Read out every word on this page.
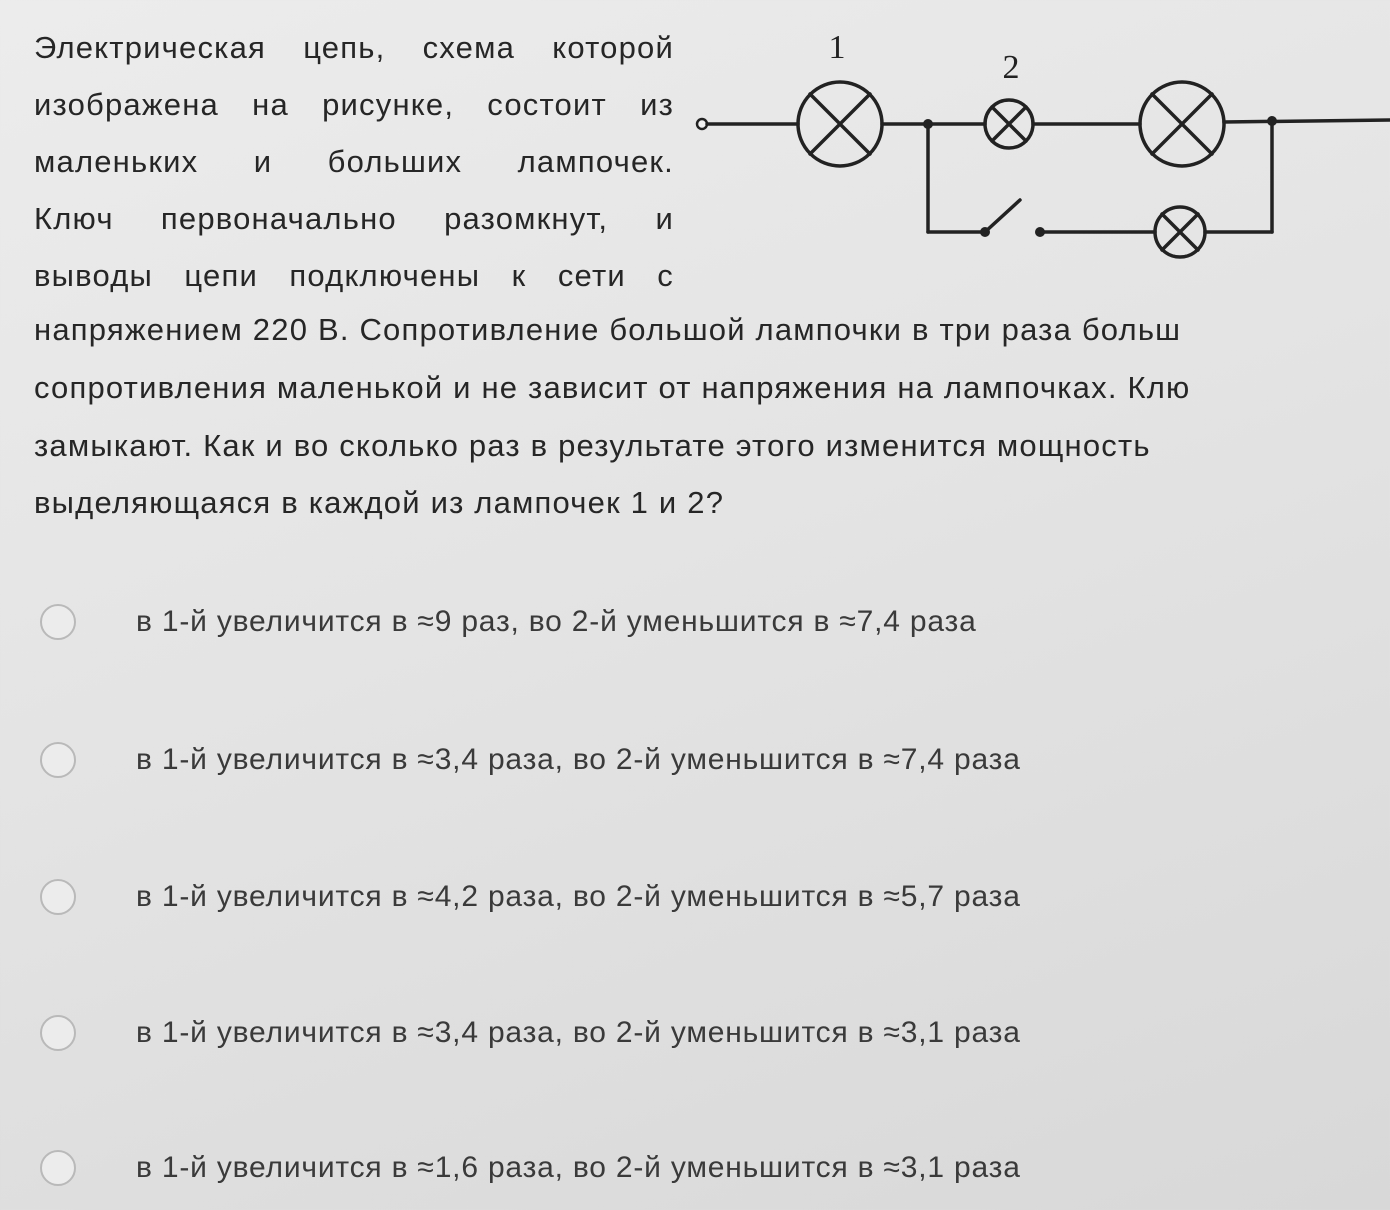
Электрическая цепь, схема которой
изображена на рисунке, состоит из
маленьких и больших лампочек.
Ключ первоначально разомкнут, и
выводы цепи подключены к сети с
напряжением 220 В. Сопротивление большой лампочки в три раза больш
сопротивления маленькой и не зависит от напряжения на лампочках. Клю
замыкают. Как и во сколько раз в результате этого изменится мощность
выделяющаяся в каждой из лампочек 1 и 2?
1
2
в 1-й увеличится в ≈9 раз, во 2-й уменьшится в ≈7,4 раза
в 1-й увеличится в ≈3,4 раза, во 2-й уменьшится в ≈7,4 раза
в 1-й увеличится в ≈4,2 раза, во 2-й уменьшится в ≈5,7 раза
в 1-й увеличится в ≈3,4 раза, во 2-й уменьшится в ≈3,1 раза
в 1-й увеличится в ≈1,6 раза, во 2-й уменьшится в ≈3,1 раза
